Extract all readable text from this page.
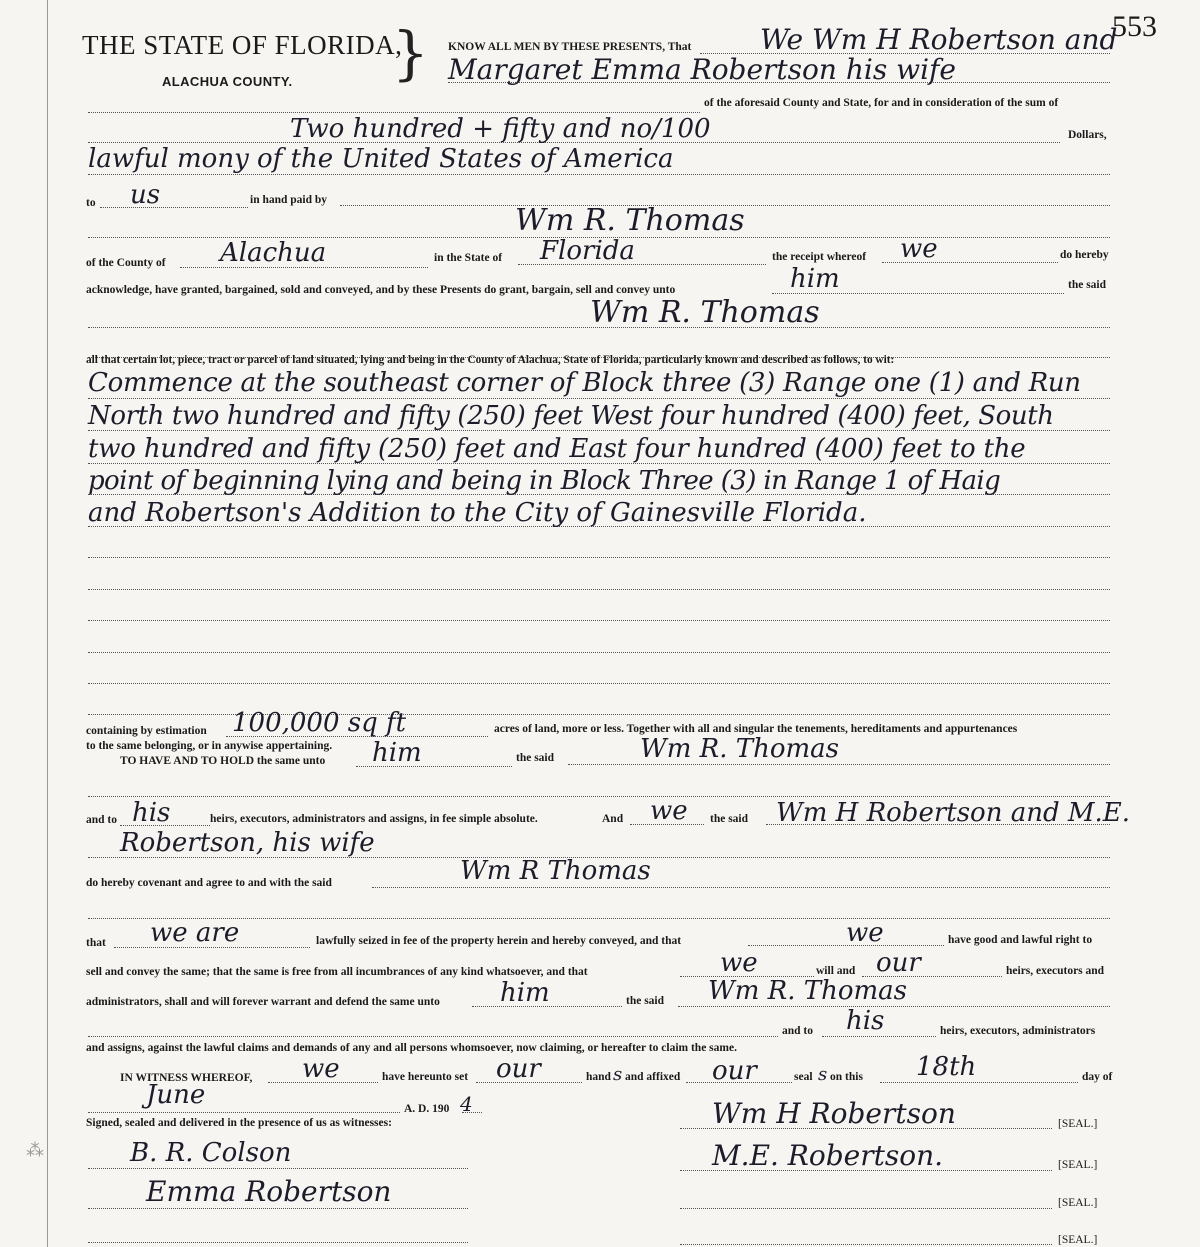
⁂
THE STATE OF FLORIDA,
}
ALACHUA COUNTY.
553
KNOW ALL MEN BY THESE PRESENTS, That We Wm H Robertson and
Margaret Emma Robertson his wife
of the aforesaid County and State, for and in consideration of the sum of
Two hundred + fifty and no/100	Dollars,
lawful mony of the United States of America
to us	in hand paid by
Wm R. Thomas
of the County of Alachua	in the State of Florida	the receipt whereof we	do hereby
acknowledge, have granted, bargained, sold and conveyed, and by these Presents do grant, bargain, sell and convey unto	him	the said
Wm R. Thomas
all that certain lot, piece, tract or parcel of land situated, lying and being in the County of Alachua, State of Florida, particularly known and described as follows, to wit:
Commence at the southeast corner of Block three (3) Range one (1) and Run
North two hundred and fifty (250) feet West four hundred (400) feet, South
two hundred and fifty (250) feet and East four hundred (400) feet to the
point of beginning lying and being in Block Three (3) in Range 1 of Haig
and Robertson's Addition to the City of Gainesville Florida.
containing by estimation 100,000 sq ft	acres of land, more or less. Together with all and singular the tenements, hereditaments and appurtenances
to the same belonging, or in anywise appertaining.
TO HAVE AND TO HOLD the same unto him	the said	Wm R. Thomas
and to his	heirs, executors, administrators and assigns, in fee simple absolute.	And we the said Wm H Robertson and M.E.
Robertson, his wife
do hereby covenant and agree to and with the said	Wm R Thomas
that we are	lawfully seized in fee of the property herein and hereby conveyed, and that	we	have good and lawful right to
sell and convey the same; that the same is free from all incumbrances of any kind whatsoever, and that	we	will and our	heirs, executors and
administrators, shall and will forever warrant and defend the same unto him	the said Wm R. Thomas
and to his	heirs, executors, administrators
and assigns, against the lawful claims and demands of any and all persons whomsoever, now claiming, or hereafter to claim the same.
IN WITNESS WHEREOF, we	have hereunto set our	hand s and affixed our	seal s on this 18th	day of
June	A. D. 190 4
Signed, sealed and delivered in the presence of us as witnesses:
B. R. Colson
Emma Robertson
Wm H Robertson	[SEAL.]
M.E. Robertson.	[SEAL.]
[SEAL.]
[SEAL.]
